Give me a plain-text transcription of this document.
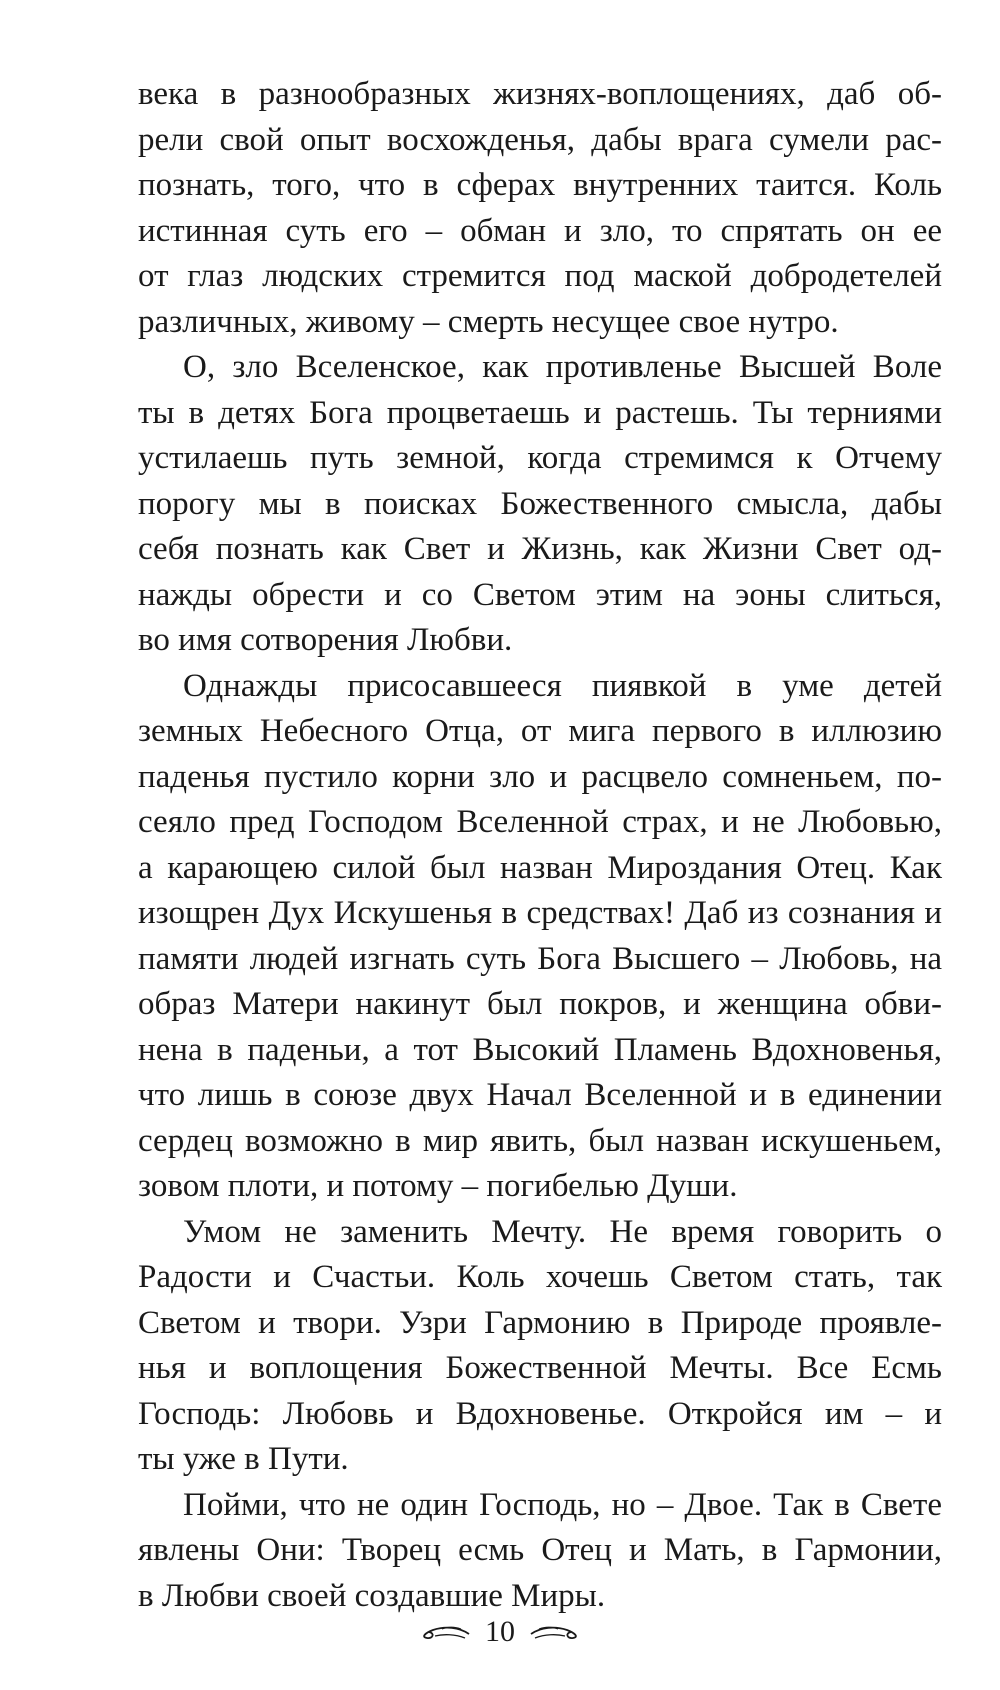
века в разнообразных жизнях-воплощениях, даб об-
рели свой опыт восхожденья, дабы врага сумели рас-
познать, того, что в сферах внутренних таится. Коль
истинная суть его – обман и зло, то спрятать он ее
от глаз людских стремится под маской добродетелей
различных, живому – смерть несущее свое нутро.

О, зло Вселенское, как противленье Высшей Воле
ты в детях Бога процветаешь и растешь. Ты терниями
устилаешь путь земной, когда стремимся к Отчему
порогу мы в поисках Божественного смысла, дабы
себя познать как Свет и Жизнь, как Жизни Свет од-
нажды обрести и со Светом этим на эоны слиться,
во имя сотворения Любви.

Однажды присосавшееся пиявкой в уме детей
земных Небесного Отца, от мига первого в иллюзию
паденья пустило корни зло и расцвело сомненьем, по-
сеяло пред Господом Вселенной страх, и не Любовью,
а карающею силой был назван Мироздания Отец. Как
изощрен Дух Искушенья в средствах! Даб из сознания и
памяти людей изгнать суть Бога Высшего – Любовь, на
образ Матери накинут был покров, и женщина обви-
нена в паденьи, а тот Высокий Пламень Вдохновенья,
что лишь в союзе двух Начал Вселенной и в единении
сердец возможно в мир явить, был назван искушеньем,
зовом плоти, и потому – погибелью Души.

Умом не заменить Мечту. Не время говорить о
Радости и Счастьи. Коль хочешь Светом стать, так
Светом и твори. Узри Гармонию в Природе проявле-
нья и воплощения Божественной Мечты. Все Есмь
Господь: Любовь и Вдохновенье. Откройся им – и
ты уже в Пути.

Пойми, что не один Господь, но – Двое. Так в Свете
явлены Они: Творец есмь Отец и Мать, в Гармонии,
в Любви своей создавшие Миры.

10
